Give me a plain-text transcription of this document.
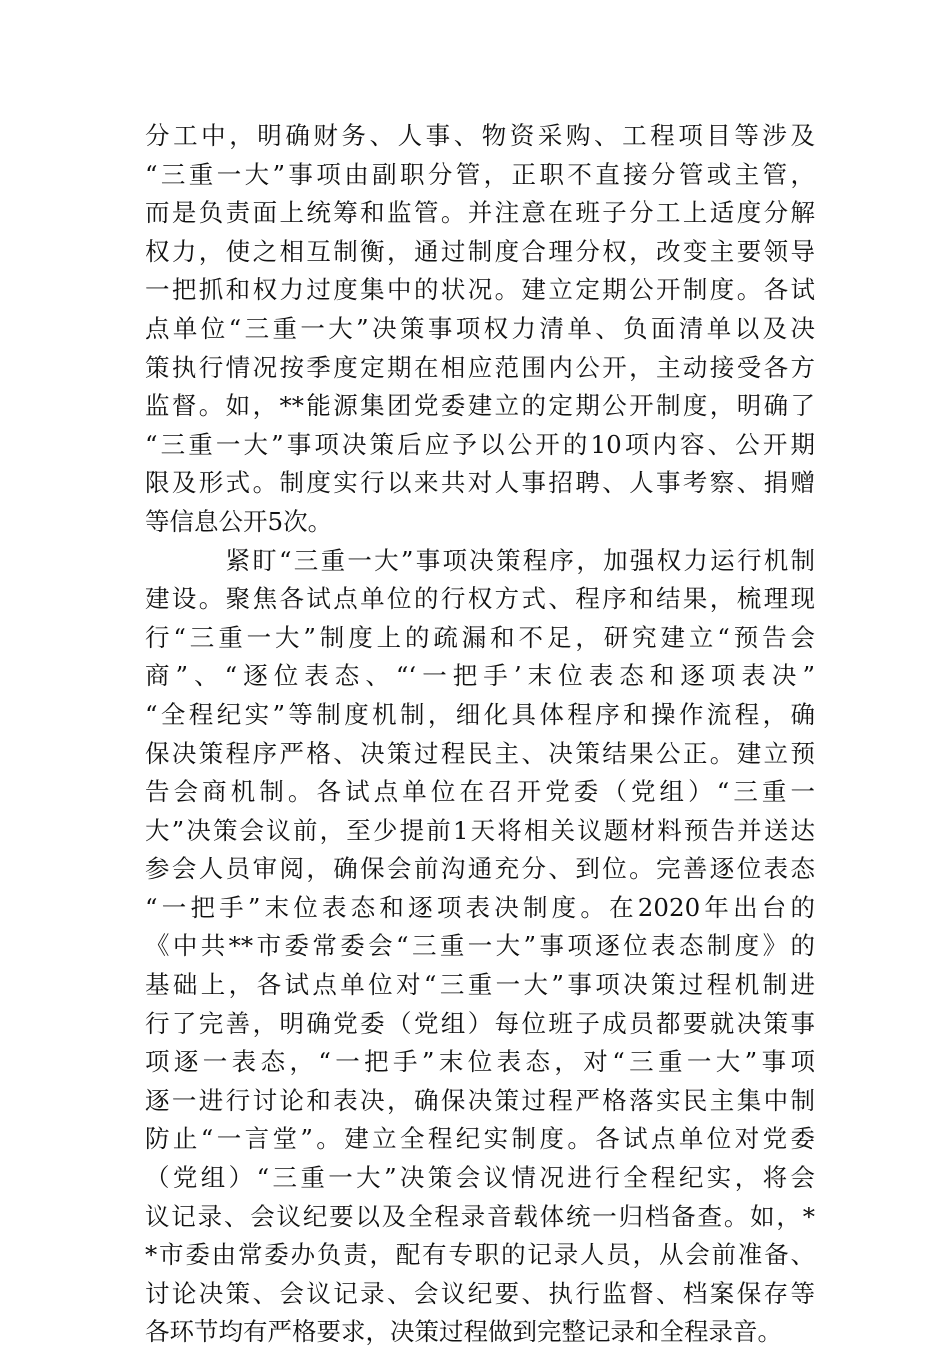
分工中，明确财务、人事、物资采购、工程项目等涉及
“三重一大”事项由副职分管，正职不直接分管或主管，
而是负责面上统筹和监管。并注意在班子分工上适度分解
权力，使之相互制衡，通过制度合理分权，改变主要领导
一把抓和权力过度集中的状况。建立定期公开制度。各试
点单位“三重一大”决策事项权力清单、负面清单以及决
策执行情况按季度定期在相应范围内公开，主动接受各方
监督。如，**能源集团党委建立的定期公开制度，明确了
“三重一大”事项决策后应予以公开的10项内容、公开期
限及形式。制度实行以来共对人事招聘、人事考察、捐赠
等信息公开5次。
紧盯“三重一大”事项决策程序，加强权力运行机制
建设。聚焦各试点单位的行权方式、程序和结果，梳理现
行“三重一大”制度上的疏漏和不足，研究建立“预告会
商”、“逐位表态、“‘一把手’末位表态和逐项表决”
“全程纪实”等制度机制，细化具体程序和操作流程，确
保决策程序严格、决策过程民主、决策结果公正。建立预
告会商机制。各试点单位在召开党委（党组）“三重一
大”决策会议前，至少提前1天将相关议题材料预告并送达
参会人员审阅，确保会前沟通充分、到位。完善逐位表态
“一把手”末位表态和逐项表决制度。在2020年出台的
《中共**市委常委会“三重一大”事项逐位表态制度》的
基础上，各试点单位对“三重一大”事项决策过程机制进
行了完善，明确党委（党组）每位班子成员都要就决策事
项逐一表态，“一把手”末位表态，对“三重一大”事项
逐一进行讨论和表决，确保决策过程严格落实民主集中制
防止“一言堂”。建立全程纪实制度。各试点单位对党委
（党组）“三重一大”决策会议情况进行全程纪实，将会
议记录、会议纪要以及全程录音载体统一归档备查。如，*
*市委由常委办负责，配有专职的记录人员，从会前准备、
讨论决策、会议记录、会议纪要、执行监督、档案保存等
各环节均有严格要求，决策过程做到完整记录和全程录音。
